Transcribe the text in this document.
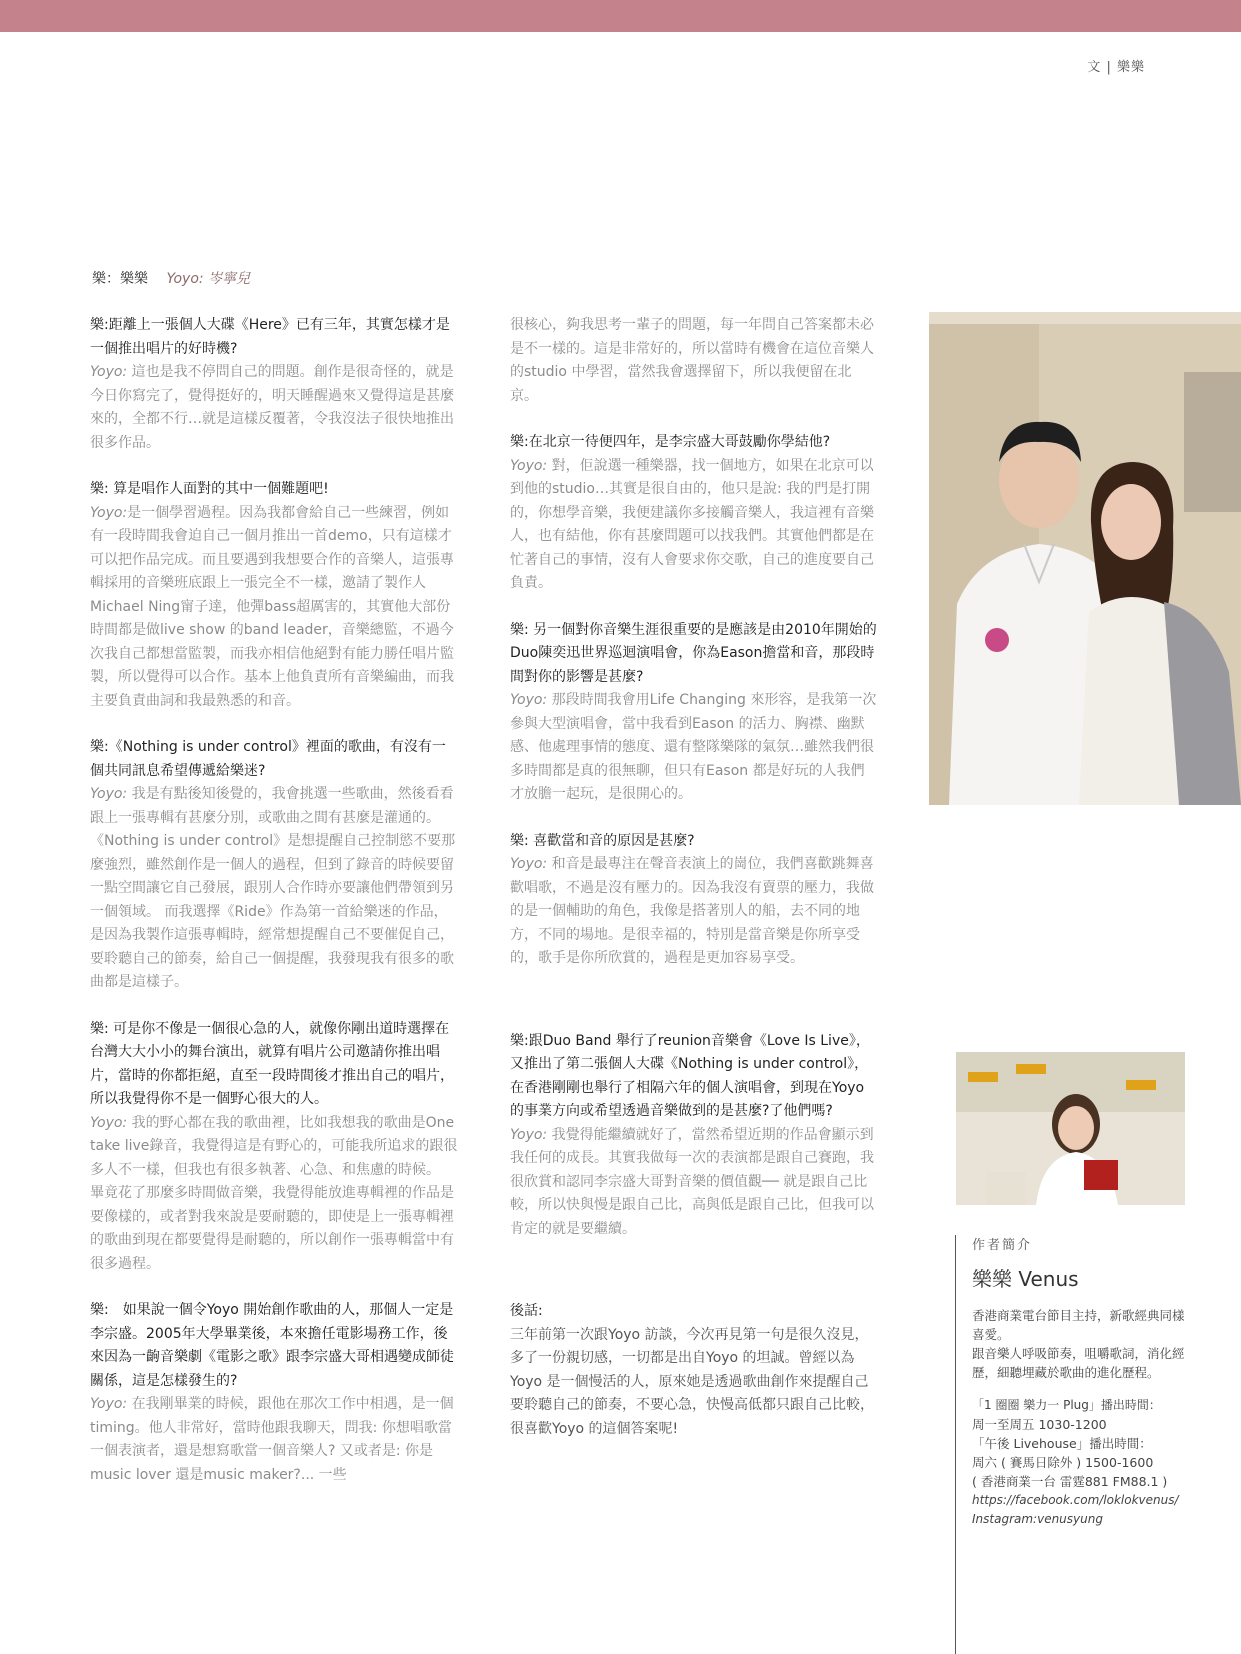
文 | 樂樂
樂：樂樂 Yoyo: 岑寧兒

樂:距離上一張個人大碟《Here》已有三年，其實怎樣才是一個推出唱片的好時機?

Yoyo: 這也是我不停問自己的問題。創作是很奇怪的，就是今日你寫完了，覺得挺好的，明天睡醒過來又覺得這是甚麼來的，全都不行…就是這樣反覆著，令我沒法子很快地推出很多作品。

樂: 算是唱作人面對的其中一個難題吧!

Yoyo:是一個學習過程。因為我都會給自己一些練習，例如有一段時間我會迫自己一個月推出一首demo，只有這樣才可以把作品完成。而且要遇到我想要合作的音樂人，這張專輯採用的音樂班底跟上一張完全不一樣，邀請了製作人Michael Ning甯子達，他彈bass超厲害的，其實他大部份時間都是做live show 的band leader，音樂總監，不過今次我自己都想當監製，而我亦相信他絕對有能力勝任唱片監製，所以覺得可以合作。基本上他負責所有音樂編曲，而我主要負責曲詞和我最熟悉的和音。

樂:《Nothing is under control》裡面的歌曲，有沒有一個共同訊息希望傳遞給樂迷?

Yoyo: 我是有點後知後覺的，我會挑選一些歌曲，然後看看跟上一張專輯有甚麼分別，或歌曲之間有甚麼是灌通的。《Nothing is under control》是想提醒自己控制慾不要那麼強烈，雖然創作是一個人的過程，但到了錄音的時候要留一點空間讓它自己發展，跟別人合作時亦要讓他們帶領到另一個領域。 而我選擇《Ride》作為第一首給樂迷的作品，是因為我製作這張專輯時，經常想提醒自己不要催促自己，要聆聽自己的節奏，給自己一個提醒，我發現我有很多的歌曲都是這樣子。

樂: 可是你不像是一個很心急的人，就像你剛出道時選擇在台灣大大小小的舞台演出，就算有唱片公司邀請你推出唱片，當時的你都拒絕，直至一段時間後才推出自己的唱片，所以我覺得你不是一個野心很大的人。

Yoyo: 我的野心都在我的歌曲裡，比如我想我的歌曲是One take live錄音，我覺得這是有野心的，可能我所追求的跟很多人不一樣，但我也有很多執著、心急、和焦慮的時候。 畢竟花了那麼多時間做音樂，我覺得能放進專輯裡的作品是要像樣的，或者對我來說是要耐聽的，即使是上一張專輯裡的歌曲到現在都要覺得是耐聽的，所以創作一張專輯當中有很多過程。

樂:　如果說一個令Yoyo 開始創作歌曲的人，那個人一定是李宗盛。2005年大學畢業後，本來擔任電影場務工作，後來因為一齣音樂劇《電影之歌》跟李宗盛大哥相遇變成師徒關係，這是怎樣發生的?

Yoyo: 在我剛畢業的時候，跟他在那次工作中相遇，是一個timing。他人非常好，當時他跟我聊天，問我: 你想唱歌當一個表演者，還是想寫歌當一個音樂人? 又或者是: 你是music lover 還是music maker?... 一些

很核心，夠我思考一輩子的問題，每一年問自己答案都未必是不一樣的。這是非常好的，所以當時有機會在這位音樂人的studio 中學習，當然我會選擇留下，所以我便留在北京。

樂:在北京一待便四年，是李宗盛大哥鼓勵你學結他?

Yoyo: 對，佢說選一種樂器，找一個地方，如果在北京可以到他的studio…其實是很自由的，他只是說: 我的門是打開的，你想學音樂，我便建議你多接觸音樂人，我這裡有音樂人，也有結他，你有甚麼問題可以找我們。其實他們都是在忙著自己的事情，沒有人會要求你交歌，自己的進度要自己負責。

樂: 另一個對你音樂生涯很重要的是應該是由2010年開始的Duo陳奕迅世界巡迴演唱會，你為Eason擔當和音，那段時間對你的影響是甚麼?

Yoyo: 那段時間我會用Life Changing 來形容，是我第一次參與大型演唱會，當中我看到Eason 的活力、胸襟、幽默感、他處理事情的態度、還有整隊樂隊的氣氛…雖然我們很多時間都是真的很無聊，但只有Eason 都是好玩的人我們才放膽一起玩，是很開心的。

樂: 喜歡當和音的原因是甚麼?

Yoyo: 和音是最專注在聲音表演上的崗位，我們喜歡跳舞喜歡唱歌，不過是沒有壓力的。因為我沒有賣票的壓力，我做的是一個輔助的角色，我像是搭著別人的船，去不同的地方，不同的場地。是很幸福的，特別是當音樂是你所享受的，歌手是你所欣賞的，過程是更加容易享受。

樂:跟Duo Band 舉行了reunion音樂會《Love Is Live》，又推出了第二張個人大碟《Nothing is under control》，在香港剛剛也舉行了相隔六年的個人演唱會，到現在Yoyo 的事業方向或希望透過音樂做到的是甚麼?了他們嗎?

Yoyo: 我覺得能繼續就好了，當然希望近期的作品會顯示到我任何的成長。其實我做每一次的表演都是跟自己賽跑，我很欣賞和認同李宗盛大哥對音樂的價值觀── 就是跟自己比較，所以快與慢是跟自己比，高與低是跟自己比，但我可以肯定的就是要繼續。

後話:

三年前第一次跟Yoyo 訪談，今次再見第一句是很久沒見，多了一份親切感，一切都是出自Yoyo 的坦誠。曾經以為Yoyo 是一個慢活的人，原來她是透過歌曲創作來提醒自己要聆聽自己的節奏，不要心急，快慢高低都只跟自己比較，很喜歡Yoyo 的這個答案呢!

作者簡介
樂樂 Venus
香港商業電台節目主持，新歌經典同樣喜愛。
跟音樂人呼吸節奏，咀嚼歌詞，消化經歷，細聽埋藏於歌曲的進化歷程。
「1 圈圈 樂力一 Plug」播出時間：
周一至周五 1030-1200
「午後 Livehouse」播出時間：
周六 ( 賽馬日除外 ) 1500-1600
( 香港商業一台 雷霆881 FM88.1 )
https://facebook.com/loklokvenus/
Instagram:venusyung
